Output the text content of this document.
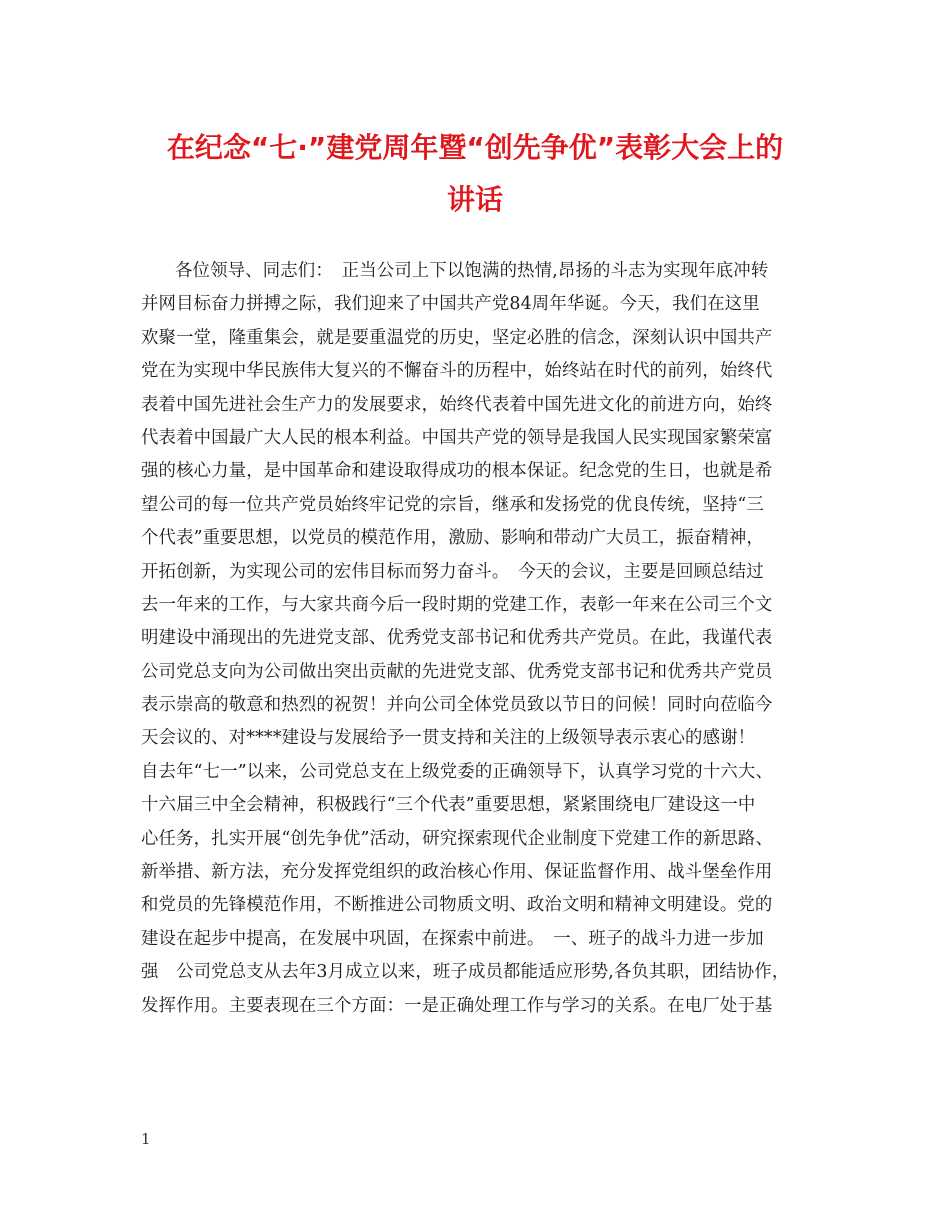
在纪念“七·”建党周年暨“创先争优”表彰大会上的
讲话
各位领导、同志们：　正当公司上下以饱满的热情,昂扬的斗志为实现年底冲转
并网目标奋力拼搏之际，我们迎来了中国共产党84周年华诞。今天，我们在这里
欢聚一堂，隆重集会，就是要重温党的历史，坚定必胜的信念，深刻认识中国共产
党在为实现中华民族伟大复兴的不懈奋斗的历程中，始终站在时代的前列，始终代
表着中国先进社会生产力的发展要求，始终代表着中国先进文化的前进方向，始终
代表着中国最广大人民的根本利益。中国共产党的领导是我国人民实现国家繁荣富
强的核心力量，是中国革命和建设取得成功的根本保证。纪念党的生日，也就是希
望公司的每一位共产党员始终牢记党的宗旨，继承和发扬党的优良传统，坚持“三
个代表”重要思想，以党员的模范作用，激励、影响和带动广大员工，振奋精神，
开拓创新，为实现公司的宏伟目标而努力奋斗。　今天的会议，主要是回顾总结过
去一年来的工作，与大家共商今后一段时期的党建工作，表彰一年来在公司三个文
明建设中涌现出的先进党支部、优秀党支部书记和优秀共产党员。在此，我谨代表
公司党总支向为公司做出突出贡献的先进党支部、优秀党支部书记和优秀共产党员
表示崇高的敬意和热烈的祝贺！并向公司全体党员致以节日的问候！同时向莅临今
天会议的、对****建设与发展给予一贯支持和关注的上级领导表示衷心的感谢！
自去年“七一”以来，公司党总支在上级党委的正确领导下，认真学习党的十六大、
十六届三中全会精神，积极践行“三个代表”重要思想，紧紧围绕电厂建设这一中
心任务，扎实开展“创先争优”活动，研究探索现代企业制度下党建工作的新思路、
新举措、新方法，充分发挥党组织的政治核心作用、保证监督作用、战斗堡垒作用
和党员的先锋模范作用，不断推进公司物质文明、政治文明和精神文明建设。党的
建设在起步中提高，在发展中巩固，在探索中前进。　一、班子的战斗力进一步加
强　公司党总支从去年3月成立以来，班子成员都能适应形势,各负其职，团结协作，
发挥作用。主要表现在三个方面：一是正确处理工作与学习的关系。在电厂处于基
1
